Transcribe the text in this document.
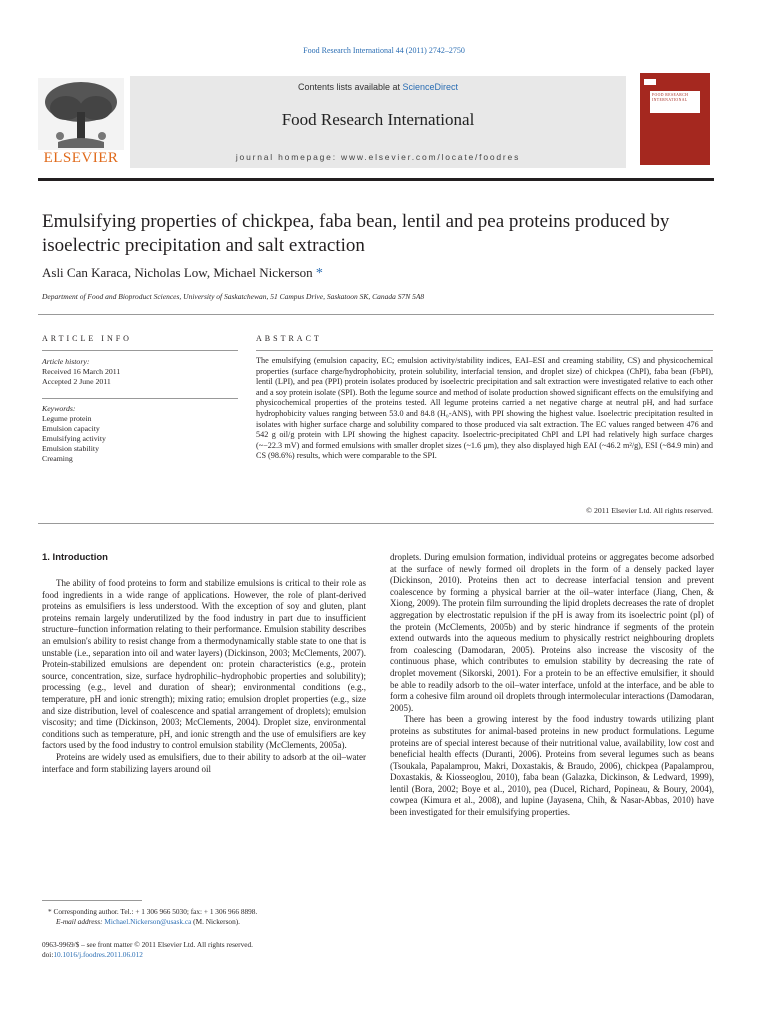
Food Research International 44 (2011) 2742–2750
ELSEVIER
Contents lists available at ScienceDirect
Food Research International
journal homepage: www.elsevier.com/locate/foodres
FOOD RESEARCH INTERNATIONAL
Emulsifying properties of chickpea, faba bean, lentil and pea proteins produced by isoelectric precipitation and salt extraction
Asli Can Karaca, Nicholas Low, Michael Nickerson *
Department of Food and Bioproduct Sciences, University of Saskatchewan, 51 Campus Drive, Saskatoon SK, Canada S7N 5A8
ARTICLE INFO
Article history:
Received 16 March 2011
Accepted 2 June 2011
Keywords:
Legume protein
Emulsion capacity
Emulsifying activity
Emulsion stability
Creaming
ABSTRACT
The emulsifying (emulsion capacity, EC; emulsion activity/stability indices, EAI–ESI and creaming stability, CS) and physicochemical properties (surface charge/hydrophobicity, protein solubility, interfacial tension, and droplet size) of chickpea (ChPI), faba bean (FbPI), lentil (LPI), and pea (PPI) protein isolates produced by isoelectric precipitation and salt extraction were investigated relative to each other and a soy protein isolate (SPI). Both the legume source and method of isolate production showed significant effects on the emulsifying and physicochemical properties of the proteins tested. All legume proteins carried a net negative charge at neutral pH, and had surface hydrophobicity values ranging between 53.0 and 84.8 (H₀-ANS), with PPI showing the highest value. Isoelectric precipitation resulted in isolates with higher surface charge and solubility compared to those produced via salt extraction. The EC values ranged between 476 and 542 g oil/g protein with LPI showing the highest capacity. Isoelectric-precipitated ChPI and LPI had relatively high surface charges (~−22.3 mV) and formed emulsions with smaller droplet sizes (~1.6 μm), they also displayed high EAI (~46.2 m²/g), ESI (~84.9 min) and CS (98.6%) results, which were comparable to the SPI.
© 2011 Elsevier Ltd. All rights reserved.
1. Introduction

The ability of food proteins to form and stabilize emulsions is critical to their role as food ingredients in a wide range of applications. However, the role of plant-derived proteins as emulsifiers is less understood. With the exception of soy and gluten, plant proteins remain largely underutilized by the food industry in part due to insufficient structure–function information relating to their performance. Emulsion stability describes an emulsion's ability to resist change from a thermodynamically stable state to one that is unstable (i.e., separation into oil and water layers) (Dickinson, 2003; McClements, 2007). Protein-stabilized emulsions are dependent on: protein characteristics (e.g., protein source, concentration, size, surface hydrophilic–hydrophobic properties and solubility); processing (e.g., level and duration of shear); environmental conditions (e.g., temperature, pH and ionic strength); mixing ratio; emulsion droplet properties (e.g., size and size distribution, level of coalescence and spatial arrangement of droplets); emulsion viscosity; and time (Dickinson, 2003; McClements, 2004). Droplet size, environmental conditions such as temperature, pH, and ionic strength and the use of emulsifiers are key factors used by the food industry to control emulsion stability (McClements, 2005a).

Proteins are widely used as emulsifiers, due to their ability to adsorb at the oil–water interface and form stabilizing layers around oil

droplets. During emulsion formation, individual proteins or aggregates become adsorbed at the surface of newly formed oil droplets in the form of a densely packed layer (Dickinson, 2010). Proteins then act to decrease interfacial tension and prevent coalescence by forming a physical barrier at the oil–water interface (Jiang, Chen, & Xiong, 2009). The protein film surrounding the lipid droplets decreases the rate of droplet aggregation by electrostatic repulsion if the pH is away from its isoelectric point (pI) of the protein (McClements, 2005b) and by steric hindrance if segments of the protein extend outwards into the aqueous medium to physically restrict neighbouring droplets from coalescing (Damodaran, 2005). Proteins also increase the viscosity of the continuous phase, which contributes to emulsion stability by decreasing the rate of droplet movement (Sikorski, 2001). For a protein to be an effective emulsifier, it should be able to readily adsorb to the oil–water interface, unfold at the interface, and be able to form a cohesive film around oil droplets through intermolecular interactions (Damodaran, 2005).

There has been a growing interest by the food industry towards utilizing plant proteins as substitutes for animal-based proteins in new product formulations. Legume proteins are of special interest because of their nutritional value, availability, low cost and beneficial health effects (Duranti, 2006). Proteins from several legumes such as beans (Tsoukala, Papalamprou, Makri, Doxastakis, & Braudo, 2006), chickpea (Papalamprou, Doxastakis, & Kiosseoglou, 2010), faba bean (Galazka, Dickinson, & Ledward, 1999), lentil (Bora, 2002; Boye et al., 2010), pea (Ducel, Richard, Popineau, & Boury, 2004), cowpea (Kimura et al., 2008), and lupine (Jayasena, Chih, & Nasar-Abbas, 2010) have been investigated for their emulsifying properties.

* Corresponding author. Tel.: + 1 306 966 5030; fax: + 1 306 966 8898.
E-mail address: Michael.Nickerson@usask.ca (M. Nickerson).
0963-9969/$ – see front matter © 2011 Elsevier Ltd. All rights reserved.
doi:10.1016/j.foodres.2011.06.012
